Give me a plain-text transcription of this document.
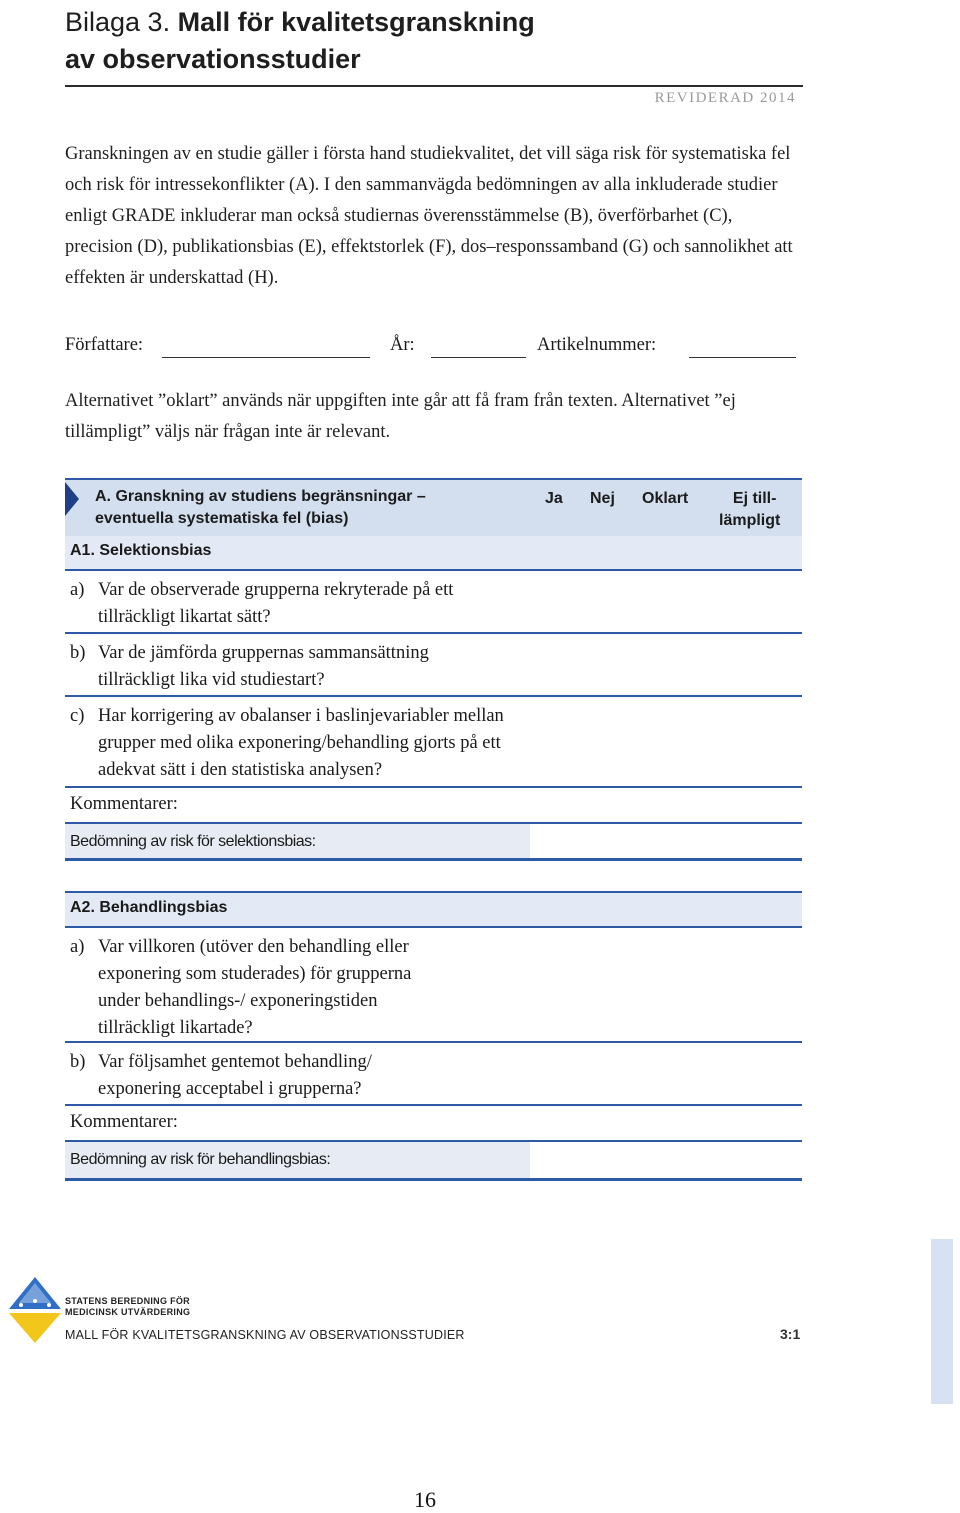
Bilaga 3. Mall för kvalitetsgranskning
av observationsstudier
REVIDERAD 2014
Granskningen av en studie gäller i första hand studiekvalitet, det vill säga risk för systematiska fel och risk för intressekonflikter (A). I den sammanvägda bedömningen av alla inkluderade studier enligt GRADE inkluderar man också studiernas överensstämmelse (B), överförbarhet (C), precision (D), publikationsbias (E), effektstorlek (F), dos–responssamband (G) och sannolikhet att effekten är underskattad (H).
Författare:	År:	Artikelnummer:
Alternativet ”oklart” används när uppgiften inte går att få fram från texten. Alternativet ”ej tillämpligt” väljs när frågan inte är relevant.
A. Granskning av studiens begränsningar –
eventuella systematiska fel (bias)
Ja Nej Oklart	Ej till-
lämpligt
A1. Selektionsbias
a) Var de observerade grupperna rekryterade på ett tillräckligt likartat sätt?
b) Var de jämförda gruppernas sammansättning tillräckligt lika vid studiestart?
c) Har korrigering av obalanser i baslinjevariabler mellan grupper med olika exponering/behandling gjorts på ett adekvat sätt i den statistiska analysen?
Kommentarer:
Bedömning av risk för selektionsbias:
A2. Behandlingsbias
a) Var villkoren (utöver den behandling eller exponering som studerades) för grupperna under behandlings-/ exponeringstiden tillräckligt likartade?
b) Var följsamhet gentemot behandling/ exponering acceptabel i grupperna?
Kommentarer:
Bedömning av risk för behandlingsbias:
STATENS BEREDNING FÖR MEDICINSK UTVÄRDERING
MALL FÖR KVALITETSGRANSKNING AV OBSERVATIONSSTUDIER	3:1
16
